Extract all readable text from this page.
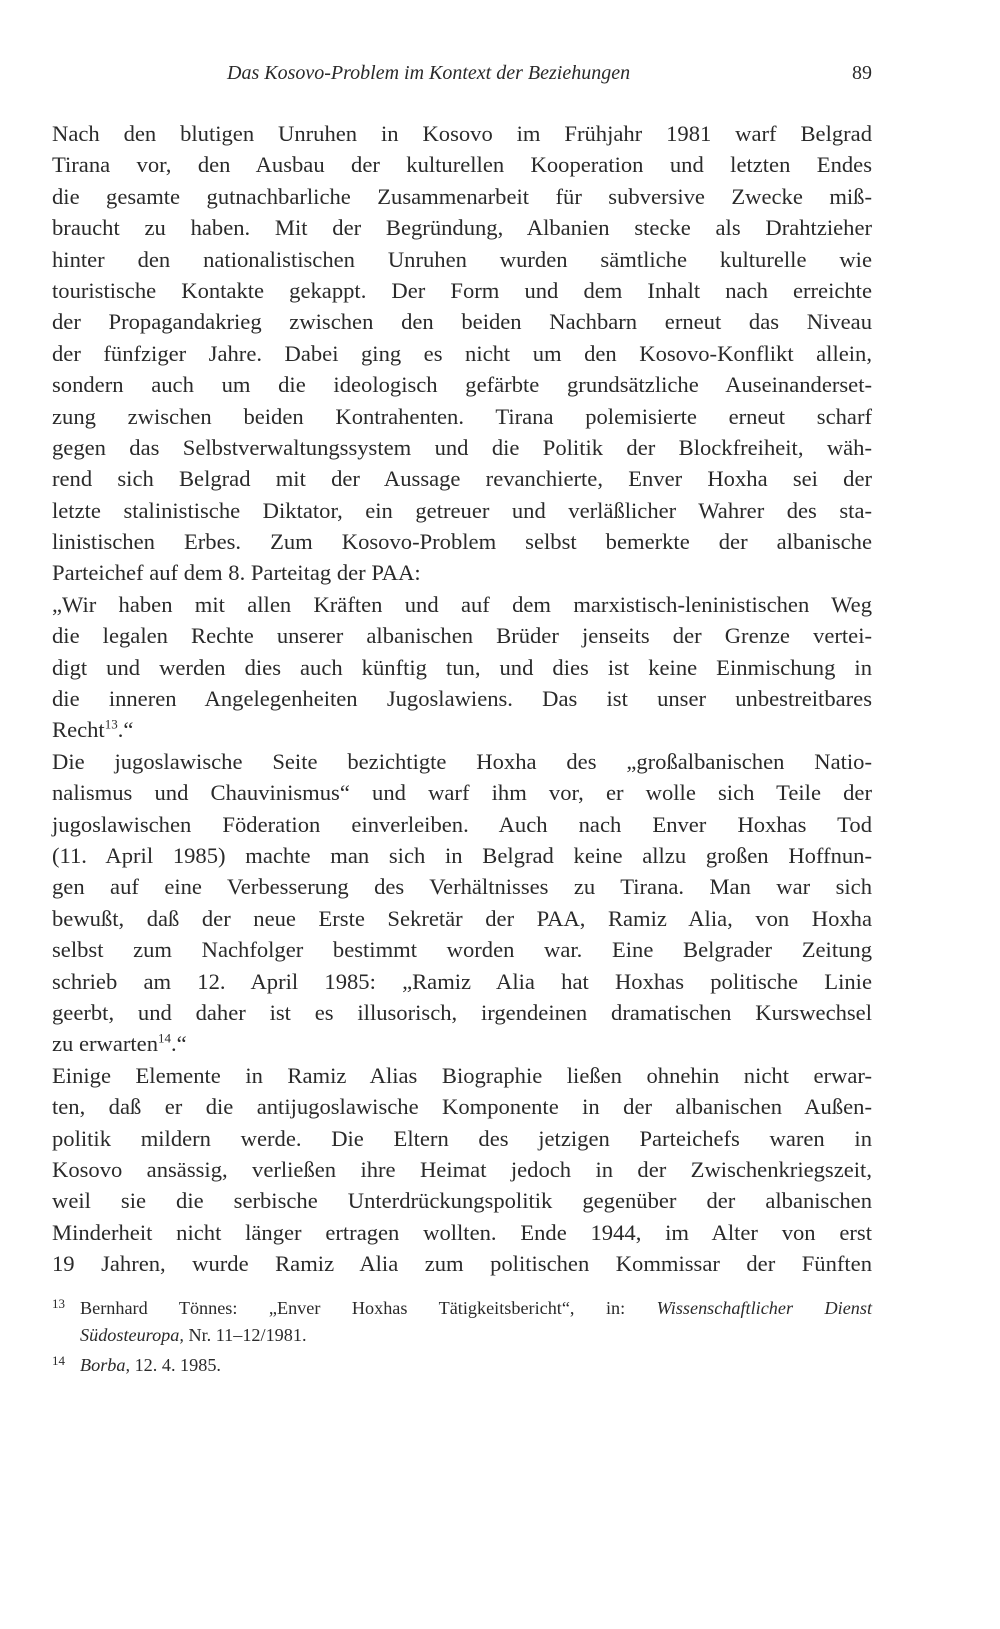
Das Kosovo-Problem im Kontext der Beziehungen	89
Nach den blutigen Unruhen in Kosovo im Frühjahr 1981 warf Belgrad
Tirana vor, den Ausbau der kulturellen Kooperation und letzten Endes
die gesamte gutnachbarliche Zusammenarbeit für subversive Zwecke miß-
braucht zu haben. Mit der Begründung, Albanien stecke als Drahtzieher
hinter den nationalistischen Unruhen wurden sämtliche kulturelle wie
touristische Kontakte gekappt. Der Form und dem Inhalt nach erreichte
der Propagandakrieg zwischen den beiden Nachbarn erneut das Niveau
der fünfziger Jahre. Dabei ging es nicht um den Kosovo-Konflikt allein,
sondern auch um die ideologisch gefärbte grundsätzliche Auseinanderset-
zung zwischen beiden Kontrahenten. Tirana polemisierte erneut scharf
gegen das Selbstverwaltungssystem und die Politik der Blockfreiheit, wäh-
rend sich Belgrad mit der Aussage revanchierte, Enver Hoxha sei der
letzte stalinistische Diktator, ein getreuer und verläßlicher Wahrer des sta-
linistischen Erbes. Zum Kosovo-Problem selbst bemerkte der albanische
Parteichef auf dem 8. Parteitag der PAA:
„Wir haben mit allen Kräften und auf dem marxistisch-leninistischen Weg
die legalen Rechte unserer albanischen Brüder jenseits der Grenze vertei-
digt und werden dies auch künftig tun, und dies ist keine Einmischung in
die inneren Angelegenheiten Jugoslawiens. Das ist unser unbestreitbares
Recht$^{13}$.“
Die jugoslawische Seite bezichtigte Hoxha des „großalbanischen Natio-
nalismus und Chauvinismus“ und warf ihm vor, er wolle sich Teile der
jugoslawischen Föderation einverleiben. Auch nach Enver Hoxhas Tod
(11. April 1985) machte man sich in Belgrad keine allzu großen Hoffnun-
gen auf eine Verbesserung des Verhältnisses zu Tirana. Man war sich
bewußt, daß der neue Erste Sekretär der PAA, Ramiz Alia, von Hoxha
selbst zum Nachfolger bestimmt worden war. Eine Belgrader Zeitung
schrieb am 12. April 1985: „Ramiz Alia hat Hoxhas politische Linie
geerbt, und daher ist es illusorisch, irgendeinen dramatischen Kurswechsel
zu erwarten$^{14}$.“
Einige Elemente in Ramiz Alias Biographie ließen ohnehin nicht erwar-
ten, daß er die antijugoslawische Komponente in der albanischen Außen-
politik mildern werde. Die Eltern des jetzigen Parteichefs waren in
Kosovo ansässig, verließen ihre Heimat jedoch in der Zwischenkriegszeit,
weil sie die serbische Unterdrückungspolitik gegenüber der albanischen
Minderheit nicht länger ertragen wollten. Ende 1944, im Alter von erst
19 Jahren, wurde Ramiz Alia zum politischen Kommissar der Fünften
13 Bernhard Tönnes: „Enver Hoxhas Tätigkeitsbericht“, in: Wissenschaftlicher Dienst
Südosteuropa, Nr. 11–12/1981.
14 Borba, 12. 4. 1985.
